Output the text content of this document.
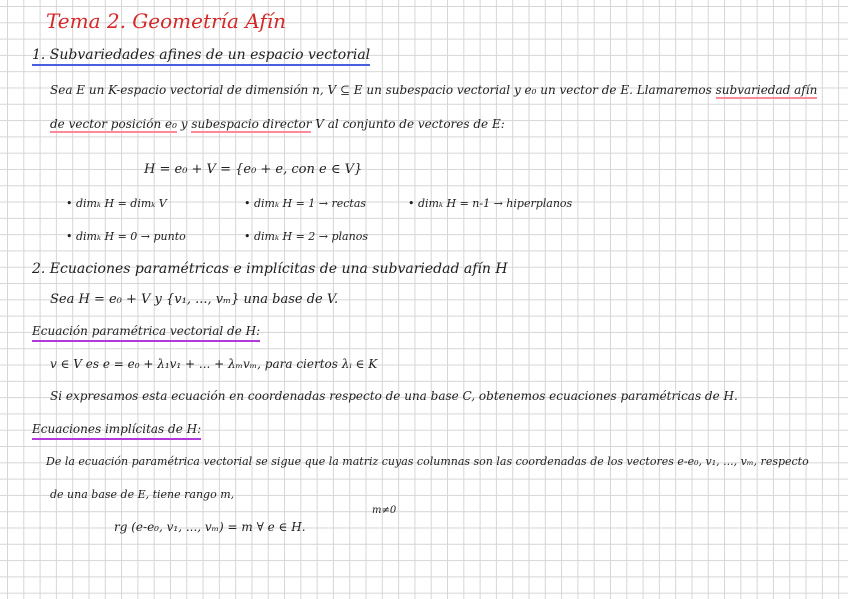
Tema 2. Geometría Afín
1. Subvariedades afines de un espacio vectorial
Sea E un K-espacio vectorial de dimensión n, V ⊆ E un subespacio vectorial y e₀ un vector de E. Llamaremos subvariedad afín
de vector posición e₀ y subespacio director V al conjunto de vectores de E:
H = e₀ + V = {e₀ + e, con e ∈ V}
• dimₖ H = dimₖ V	• dimₖ H = 1 → rectas	• dimₖ H = n-1 → hiperplanos
• dimₖ H = 0 → punto	• dimₖ H = 2 → planos
2. Ecuaciones paramétricas e implícitas de una subvariedad afín H
Sea H = e₀ + V y {v₁, ..., vₘ} una base de V.
Ecuación paramétrica vectorial de H:
v ∈ V es e = e₀ + λ₁v₁ + ... + λₘvₘ, para ciertos λᵢ ∈ K
Si expresamos esta ecuación en coordenadas respecto de una base C, obtenemos ecuaciones paramétricas de H.
Ecuaciones implícitas de H:
De la ecuación paramétrica vectorial se sigue que la matriz cuyas columnas son las coordenadas de los vectores e-e₀, v₁, ..., vₘ, respecto
de una base de E, tiene rango m,
m≠0
rg (e-e₀, v₁, ..., vₘ) = m ∀ e ∈ H.
